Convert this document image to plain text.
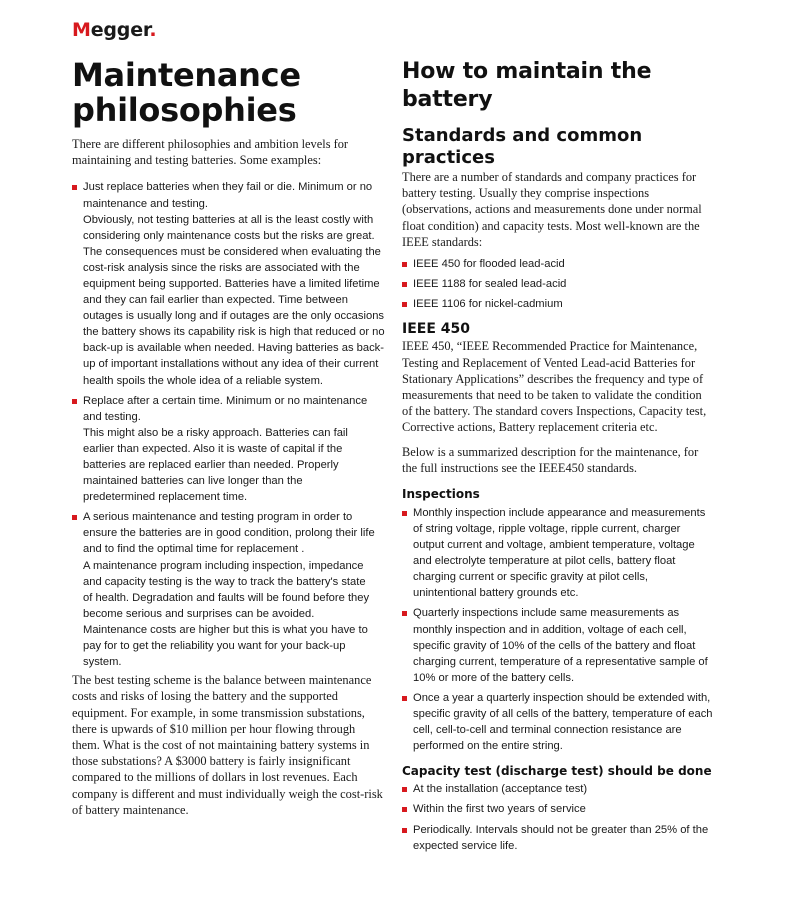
Megger.
Maintenance philosophies

There are different philosophies and ambition levels for maintaining and testing batteries. Some examples:

Just replace batteries when they fail or die. Minimum or no maintenance and testing.
Obviously, not testing batteries at all is the least costly with considering only maintenance costs but the risks are great. The consequences must be considered when evaluating the cost-risk analysis since the risks are associated with the equipment being supported. Batteries have a limited lifetime and they can fail earlier than expected. Time between outages is usually long and if outages are the only occasions the battery shows its capability risk is high that reduced or no back-up is available when needed. Having batteries as back-up of important installations without any idea of their current health spoils the whole idea of a reliable system.
Replace after a certain time. Minimum or no maintenance and testing.
This might also be a risky approach. Batteries can fail earlier than expected. Also it is waste of capital if the batteries are replaced earlier than needed. Properly maintained batteries can live longer than the predetermined replacement time.
A serious maintenance and testing program in order to ensure the batteries are in good condition, prolong their life and to find the optimal time for replacement .
A maintenance program including inspection, impedance and capacity testing is the way to track the battery's state of health. Degradation and faults will be found before they become serious and surprises can be avoided. Maintenance costs are higher but this is what you have to pay for to get the reliability you want for your back-up system.

The best testing scheme is the balance between maintenance costs and risks of losing the battery and the supported equipment. For example, in some transmission substations, there is upwards of $10 million per hour flowing through them. What is the cost of not maintaining battery systems in those substations? A $3000 battery is fairly insignificant compared to the millions of dollars in lost revenues. Each company is different and must individually weigh the cost-risk of battery maintenance.

How to maintain the battery
Standards and common practices

There are a number of standards and company practices for battery testing. Usually they comprise inspections (observations, actions and measurements done under normal float condition) and capacity tests. Most well-known are the IEEE standards:

IEEE 450 for flooded lead-acid
IEEE 1188 for sealed lead-acid
IEEE 1106 for nickel-cadmium
IEEE 450

IEEE 450, “IEEE Recommended Practice for Maintenance, Testing and Replacement of Vented Lead-acid Batteries for Stationary Applications” describes the frequency and type of measurements that need to be taken to validate the condition of the battery. The standard covers Inspections, Capacity test, Corrective actions, Battery replacement criteria etc.

Below is a summarized description for the maintenance, for the full instructions see the IEEE450 standards.

Inspections
Monthly inspection include appearance and measurements of string voltage, ripple voltage, ripple current, charger output current and voltage, ambient temperature, voltage and electrolyte temperature at pilot cells, battery float charging current or specific gravity at pilot cells, unintentional battery grounds etc.
Quarterly inspections include same measurements as monthly inspection and in addition, voltage of each cell, specific gravity of 10% of the cells of the battery and float charging current, temperature of a representative sample of 10% or more of the battery cells.
Once a year a quarterly inspection should be extended with, specific gravity of all cells of the battery, temperature of each cell, cell-to-cell and terminal connection resistance are performed on the entire string.
Capacity test (discharge test) should be done
At the installation (acceptance test)
Within the first two years of service
Periodically. Intervals should not be greater than 25% of the expected service life.
